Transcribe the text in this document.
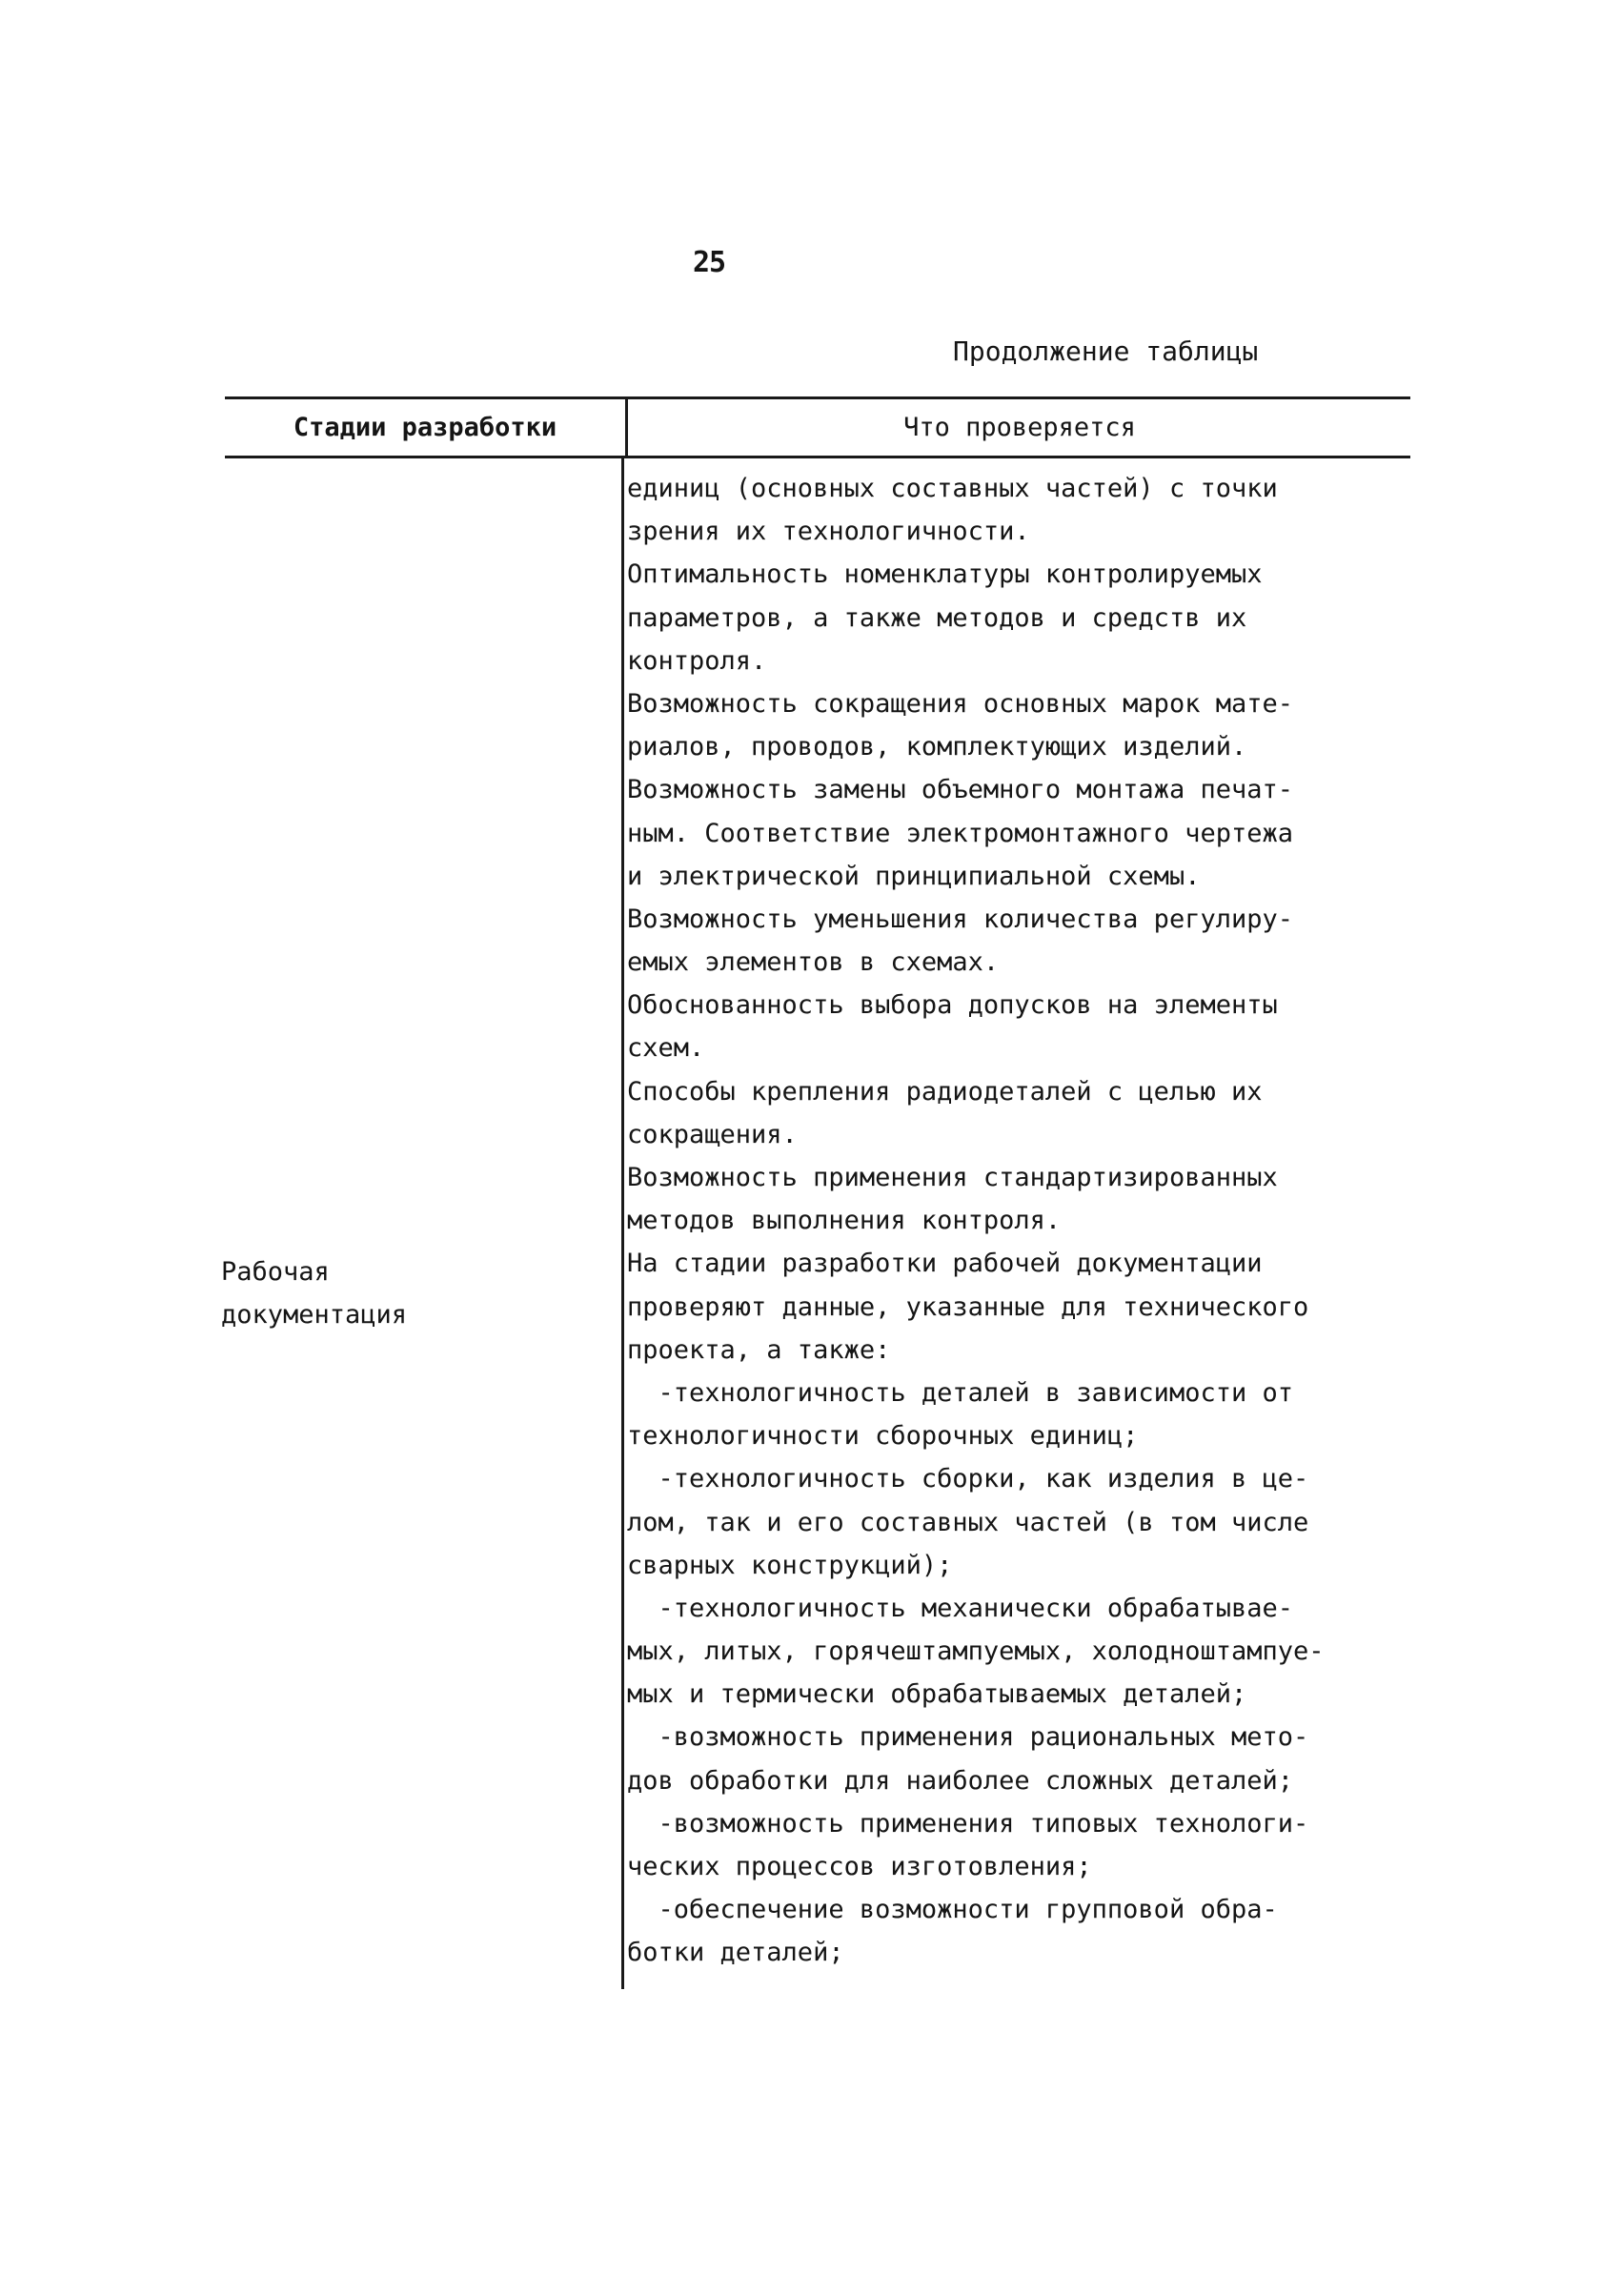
25
Продолжение таблицы
Стадии разработки	Что проверяется
Рабочая
документация
единиц (основных составных частей) с точки
зрения их технологичности.
Оптимальность номенклатуры контролируемых
параметров, а также методов и средств их
контроля.
Возможность сокращения основных марок мате-
риалов, проводов, комплектующих изделий.
Возможность замены объемного монтажа печат-
ным. Соответствие электромонтажного чертежа
и электрической принципиальной схемы.
Возможность уменьшения количества регулиру-
емых элементов в схемах.
Обоснованность выбора допусков на элементы
схем.
Способы крепления радиодеталей с целью их
сокращения.
Возможность применения стандартизированных
методов выполнения контроля.
На стадии разработки рабочей документации
проверяют данные, указанные для технического
проекта, а также:
-технологичность деталей в зависимости от
технологичности сборочных единиц;
-технологичность сборки, как изделия в це-
лом, так и его составных частей (в том числе
сварных конструкций);
-технологичность механически обрабатывае-
мых, литых, горячештампуемых, холодноштампуе-
мых и термически обрабатываемых деталей;
-возможность применения рациональных мето-
дов обработки для наиболее сложных деталей;
-возможность применения типовых технологи-
ческих процессов изготовления;
-обеспечение возможности групповой обра-
ботки деталей;
